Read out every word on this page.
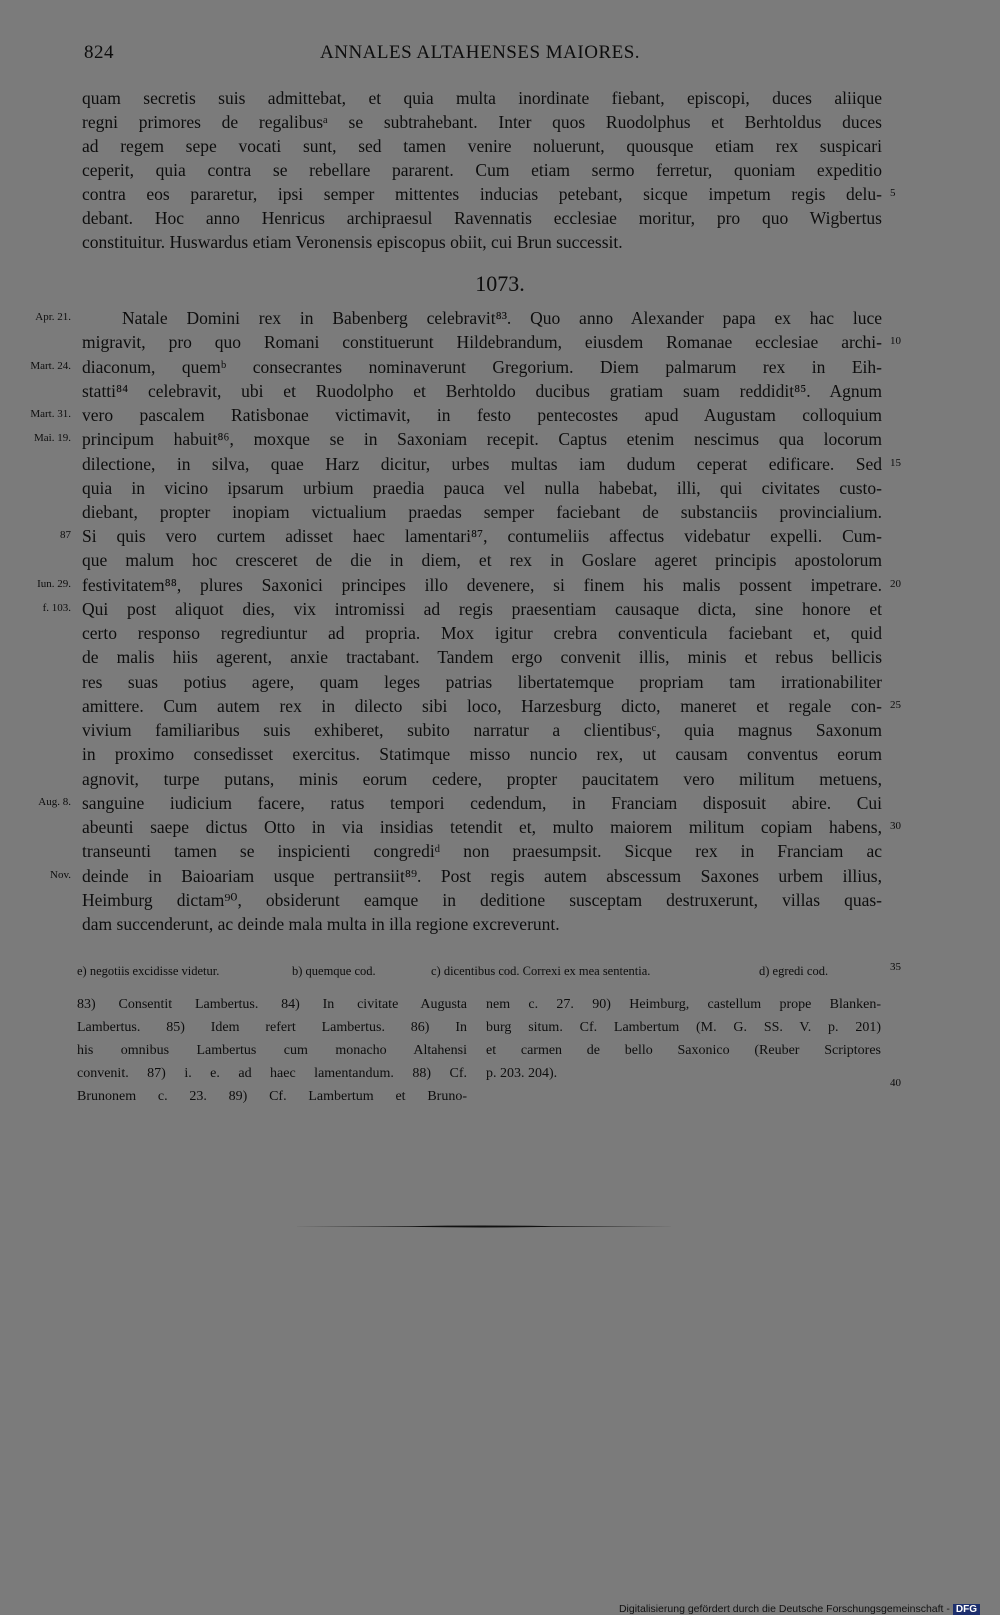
824	ANNALES ALTAHENSES MAIORES.
quam secretis suis admittebat, et quia multa inordinate fiebant, episcopi, duces aliique
regni primores de regalibusᵃ se subtrahebant. Inter quos Ruodolphus et Berhtoldus duces
ad regem sepe vocati sunt, sed tamen venire noluerunt, quousque etiam rex suspicari
ceperit, quia contra se rebellare pararent. Cum etiam sermo ferretur, quoniam expeditio
contra eos pararetur, ipsi semper mittentes inducias petebant, sicque impetum regis delu-
debant. Hoc anno Henricus archipraesul Ravennatis ecclesiae moritur, pro quo Wigbertus
constituitur. Huswardus etiam Veronensis episcopus obiit, cui Brun successit.
1073.
Natale Domini rex in Babenberg celebravit⁸³. Quo anno Alexander papa ex hac luce
migravit, pro quo Romani constituerunt Hildebrandum, eiusdem Romanae ecclesiae archi-
diaconum, quemᵇ consecrantes nominaverunt Gregorium. Diem palmarum rex in Eih-
statti⁸⁴ celebravit, ubi et Ruodolpho et Berhtoldo ducibus gratiam suam reddidit⁸⁵. Agnum
vero pascalem Ratisbonae victimavit, in festo pentecostes apud Augustam colloquium
principum habuit⁸⁶, moxque se in Saxoniam recepit. Captus etenim nescimus qua locorum
dilectione, in silva, quae Harz dicitur, urbes multas iam dudum ceperat edificare. Sed
quia in vicino ipsarum urbium praedia pauca vel nulla habebat, illi, qui civitates custo-
diebant, propter inopiam victualium praedas semper faciebant de substanciis provincialium.
Si quis vero curtem adisset haec lamentari⁸⁷, contumeliis affectus videbatur expelli. Cum-
que malum hoc cresceret de die in diem, et rex in Goslare ageret principis apostolorum
festivitatem⁸⁸, plures Saxonici principes illo devenere, si finem his malis possent impetrare.
Qui post aliquot dies, vix intromissi ad regis praesentiam causaque dicta, sine honore et
certo responso regrediuntur ad propria. Mox igitur crebra conventicula faciebant et, quid
de malis hiis agerent, anxie tractabant. Tandem ergo convenit illis, minis et rebus bellicis
res suas potius agere, quam leges patrias libertatemque propriam tam irrationabiliter
amittere. Cum autem rex in dilecto sibi loco, Harzesburg dicto, maneret et regale con-
vivium familiaribus suis exhiberet, subito narratur a clientibusᶜ, quia magnus Saxonum
in proximo consedisset exercitus. Statimque misso nuncio rex, ut causam conventus eorum
agnovit, turpe putans, minis eorum cedere, propter paucitatem vero militum metuens,
sanguine iudicium facere, ratus tempori cedendum, in Franciam disposuit abire. Cui
abeunti saepe dictus Otto in via insidias tetendit et, multo maiorem militum copiam habens,
transeunti tamen se inspicienti congrediᵈ non praesumpsit. Sicque rex in Franciam ac
deinde in Baioariam usque pertransiit⁸⁹. Post regis autem abscessum Saxones urbem illius,
Heimburg dictam⁹⁰, obsiderunt eamque in deditione susceptam destruxerunt, villas quas-
dam succenderunt, ac deinde mala multa in illa regione excreverunt.
Apr. 21.
Mart. 24.
Mart. 31.
Mai. 19.
87
Iun. 29.
f. 103.
Aug. 8.
Nov.
5
10
15
20
25
30
35
40
e) negotiis excidisse videtur.	b) quemque cod.	c) dicentibus cod. Correxi ex mea sententia.	d) egredi cod.
83) Consentit Lambertus. 84) In civitate Augusta
Lambertus. 85) Idem refert Lambertus. 86) In
his omnibus Lambertus cum monacho Altahensi
convenit. 87) i. e. ad haec lamentandum. 88) Cf.
Brunonem c. 23. 89) Cf. Lambertum et Bruno-
nem c. 27. 90) Heimburg, castellum prope Blanken-
burg situm. Cf. Lambertum (M. G. SS. V. p. 201)
et carmen de bello Saxonico (Reuber Scriptores
p. 203. 204).
Digitalisierung gefördert durch die Deutsche Forschungsgemeinschaft - DFG
